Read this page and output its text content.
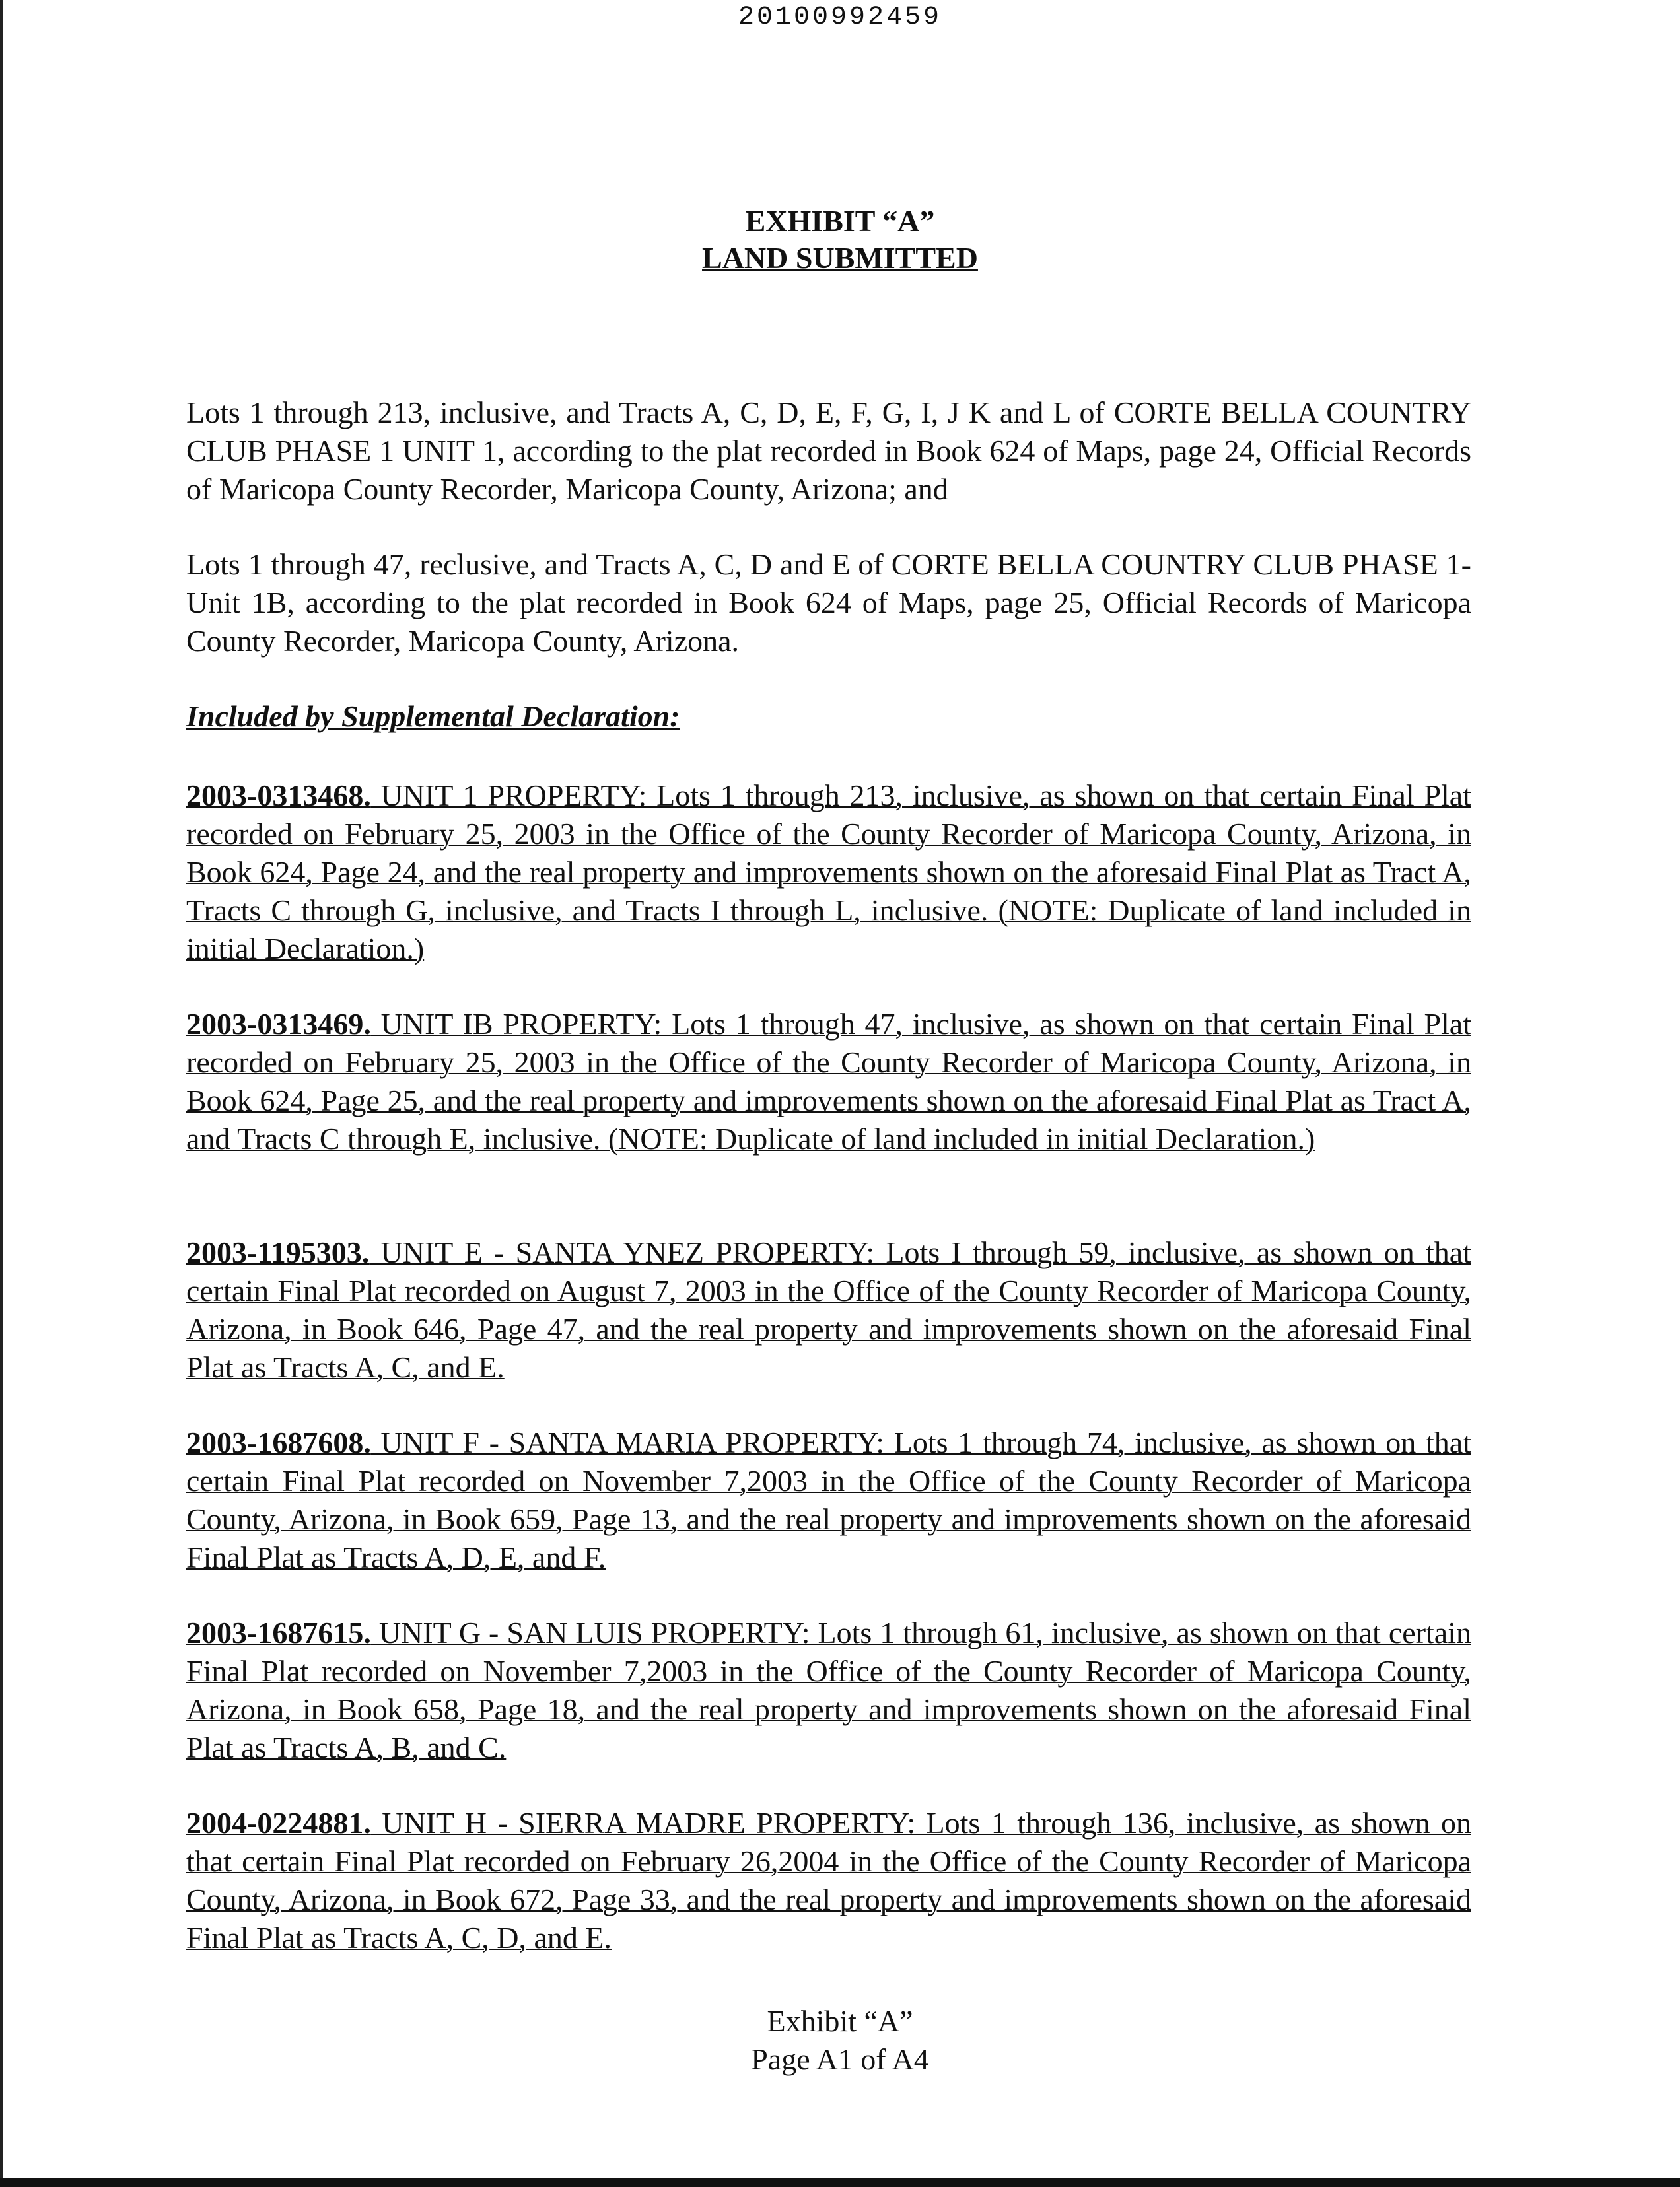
20100992459
EXHIBIT “A”
LAND SUBMITTED
Lots 1 through 213, inclusive, and Tracts A, C, D, E, F, G, I, J K and L of CORTE BELLA COUNTRY CLUB PHASE 1 UNIT 1, according to the plat recorded in Book 624 of Maps, page 24, Official Records of Maricopa County Recorder, Maricopa County, Arizona; and
Lots 1 through 47, reclusive, and Tracts A, C, D and E of CORTE BELLA COUNTRY CLUB PHASE 1-Unit 1B, according to the plat recorded in Book 624 of Maps, page 25, Official Records of Maricopa County Recorder, Maricopa County, Arizona.
Included by Supplemental Declaration:
2003-0313468. UNIT 1 PROPERTY: Lots 1 through 213, inclusive, as shown on that certain Final Plat recorded on February 25, 2003 in the Office of the County Recorder of Maricopa County, Arizona, in Book 624, Page 24, and the real property and improvements shown on the aforesaid Final Plat as Tract A, Tracts C through G, inclusive, and Tracts I through L, inclusive. (NOTE: Duplicate of land included in initial Declaration.)
2003-0313469. UNIT IB PROPERTY: Lots 1 through 47, inclusive, as shown on that certain Final Plat recorded on February 25, 2003 in the Office of the County Recorder of Maricopa County, Arizona, in Book 624, Page 25, and the real property and improvements shown on the aforesaid Final Plat as Tract A, and Tracts C through E, inclusive. (NOTE: Duplicate of land included in initial Declaration.)
2003-1195303. UNIT E - SANTA YNEZ PROPERTY: Lots I through 59, inclusive, as shown on that certain Final Plat recorded on August 7, 2003 in the Office of the County Recorder of Maricopa County, Arizona, in Book 646, Page 47, and the real property and improvements shown on the aforesaid Final Plat as Tracts A, C, and E.
2003-1687608. UNIT F - SANTA MARIA PROPERTY: Lots 1 through 74, inclusive, as shown on that certain Final Plat recorded on November 7,2003 in the Office of the County Recorder of Maricopa County, Arizona, in Book 659, Page 13, and the real property and improvements shown on the aforesaid Final Plat as Tracts A, D, E, and F.
2003-1687615. UNIT G - SAN LUIS PROPERTY: Lots 1 through 61, inclusive, as shown on that certain Final Plat recorded on November 7,2003 in the Office of the County Recorder of Maricopa County, Arizona, in Book 658, Page 18, and the real property and improvements shown on the aforesaid Final Plat as Tracts A, B, and C.
2004-0224881. UNIT H - SIERRA MADRE PROPERTY: Lots 1 through 136, inclusive, as shown on that certain Final Plat recorded on February 26,2004 in the Office of the County Recorder of Maricopa County, Arizona, in Book 672, Page 33, and the real property and improvements shown on the aforesaid Final Plat as Tracts A, C, D, and E.
Exhibit “A”
Page A1 of A4
